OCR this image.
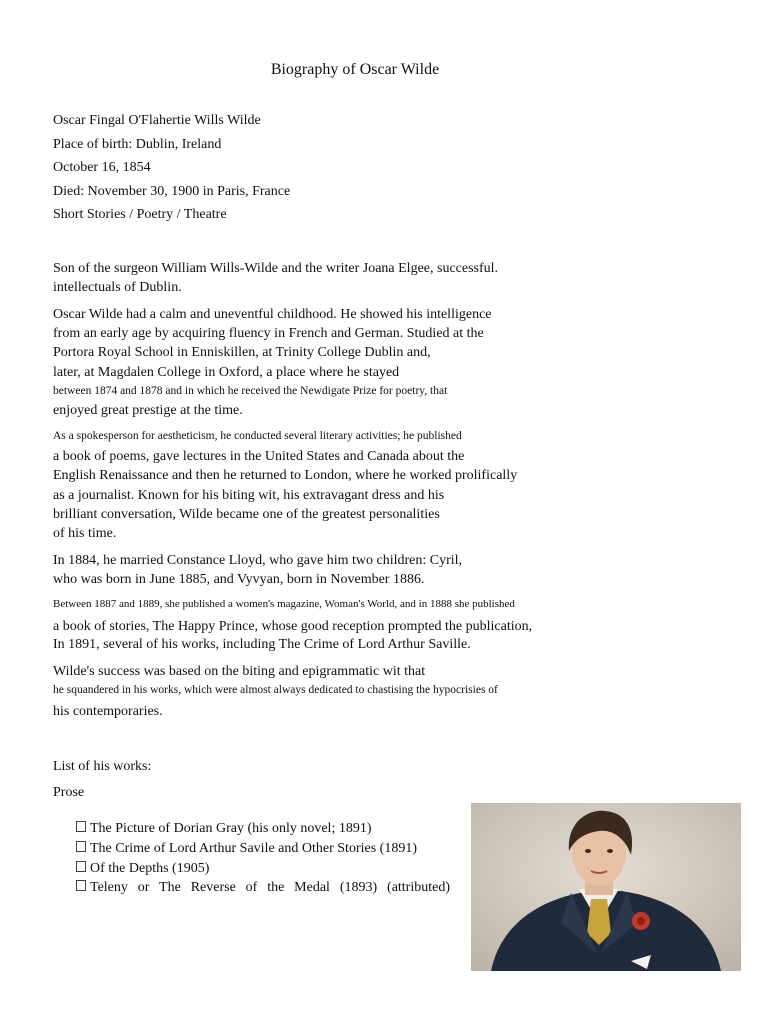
Biography of Oscar Wilde
Oscar Fingal O'Flahertie Wills Wilde
Place of birth: Dublin, Ireland
October 16, 1854
Died: November 30, 1900 in Paris, France
Short Stories / Poetry / Theatre
Son of the surgeon William Wills-Wilde and the writer Joana Elgee, successful.
intellectuals of Dublin.
Oscar Wilde had a calm and uneventful childhood. He showed his intelligence
from an early age by acquiring fluency in French and German. Studied at the
Portora Royal School in Enniskillen, at Trinity College Dublin and,
later, at Magdalen College in Oxford, a place where he stayed
between 1874 and 1878 and in which he received the Newdigate Prize for poetry, that
enjoyed great prestige at the time.
As a spokesperson for aestheticism, he conducted several literary activities; he published
a book of poems, gave lectures in the United States and Canada about the
English Renaissance and then he returned to London, where he worked prolifically
as a journalist. Known for his biting wit, his extravagant dress and his
brilliant conversation, Wilde became one of the greatest personalities
of his time.
In 1884, he married Constance Lloyd, who gave him two children: Cyril,
who was born in June 1885, and Vyvyan, born in November 1886.
Between 1887 and 1889, she published a women's magazine, Woman's World, and in 1888 she published
a book of stories, The Happy Prince, whose good reception prompted the publication,
In 1891, several of his works, including The Crime of Lord Arthur Saville.
Wilde's success was based on the biting and epigrammatic wit that
he squandered in his works, which were almost always dedicated to chastising the hypocrisies of
his contemporaries.
List of his works:
Prose
The Picture of Dorian Gray (his only novel; 1891)
The Crime of Lord Arthur Savile and Other Stories (1891)
Of the Depths (1905)
Teleny or The Reverse of the Medal (1893) (attributed)
